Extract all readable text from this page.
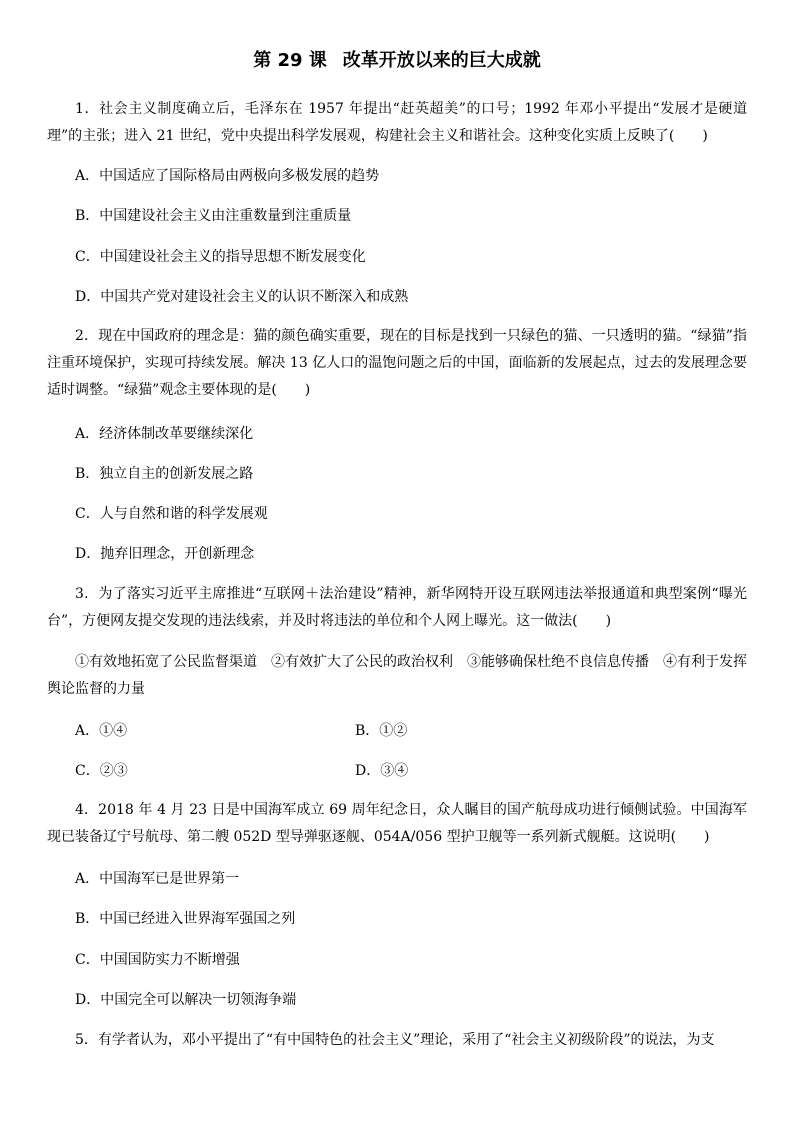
第 29 课 改革开放以来的巨大成就
1．社会主义制度确立后，毛泽东在 1957 年提出“赶英超美”的口号；1992 年邓小平提出“发展才是硬道理”的主张；进入 21 世纪，党中央提出科学发展观，构建社会主义和谐社会。这种变化实质上反映了(　　)
A．中国适应了国际格局由两极向多极发展的趋势
B．中国建设社会主义由注重数量到注重质量
C．中国建设社会主义的指导思想不断发展变化
D．中国共产党对建设社会主义的认识不断深入和成熟
2．现在中国政府的理念是：猫的颜色确实重要，现在的目标是找到一只绿色的猫、一只透明的猫。“绿猫”指注重环境保护，实现可持续发展。解决 13 亿人口的温饱问题之后的中国，面临新的发展起点，过去的发展理念要适时调整。“绿猫”观念主要体现的是(　　)
A．经济体制改革要继续深化
B．独立自主的创新发展之路
C．人与自然和谐的科学发展观
D．抛弃旧理念，开创新理念
3．为了落实习近平主席推进“互联网＋法治建设”精神，新华网特开设互联网违法举报通道和典型案例“曝光台”，方便网友提交发现的违法线索，并及时将违法的单位和个人网上曝光。这一做法(　　)
①有效地拓宽了公民监督渠道　②有效扩大了公民的政治权利　③能够确保杜绝不良信息传播　④有利于发挥舆论监督的力量
A．①④	B．①②
C．②③	D．③④
4．2018 年 4 月 23 日是中国海军成立 69 周年纪念日，众人瞩目的国产航母成功进行倾侧试验。中国海军现已装备辽宁号航母、第二艘 052D 型导弹驱逐舰、054A/056 型护卫舰等一系列新式舰艇。这说明(　　)
A．中国海军已是世界第一
B．中国已经进入世界海军强国之列
C．中国国防实力不断增强
D．中国完全可以解决一切领海争端
5．有学者认为，邓小平提出了“有中国特色的社会主义”理论，采用了“社会主义初级阶段”的说法，为支
